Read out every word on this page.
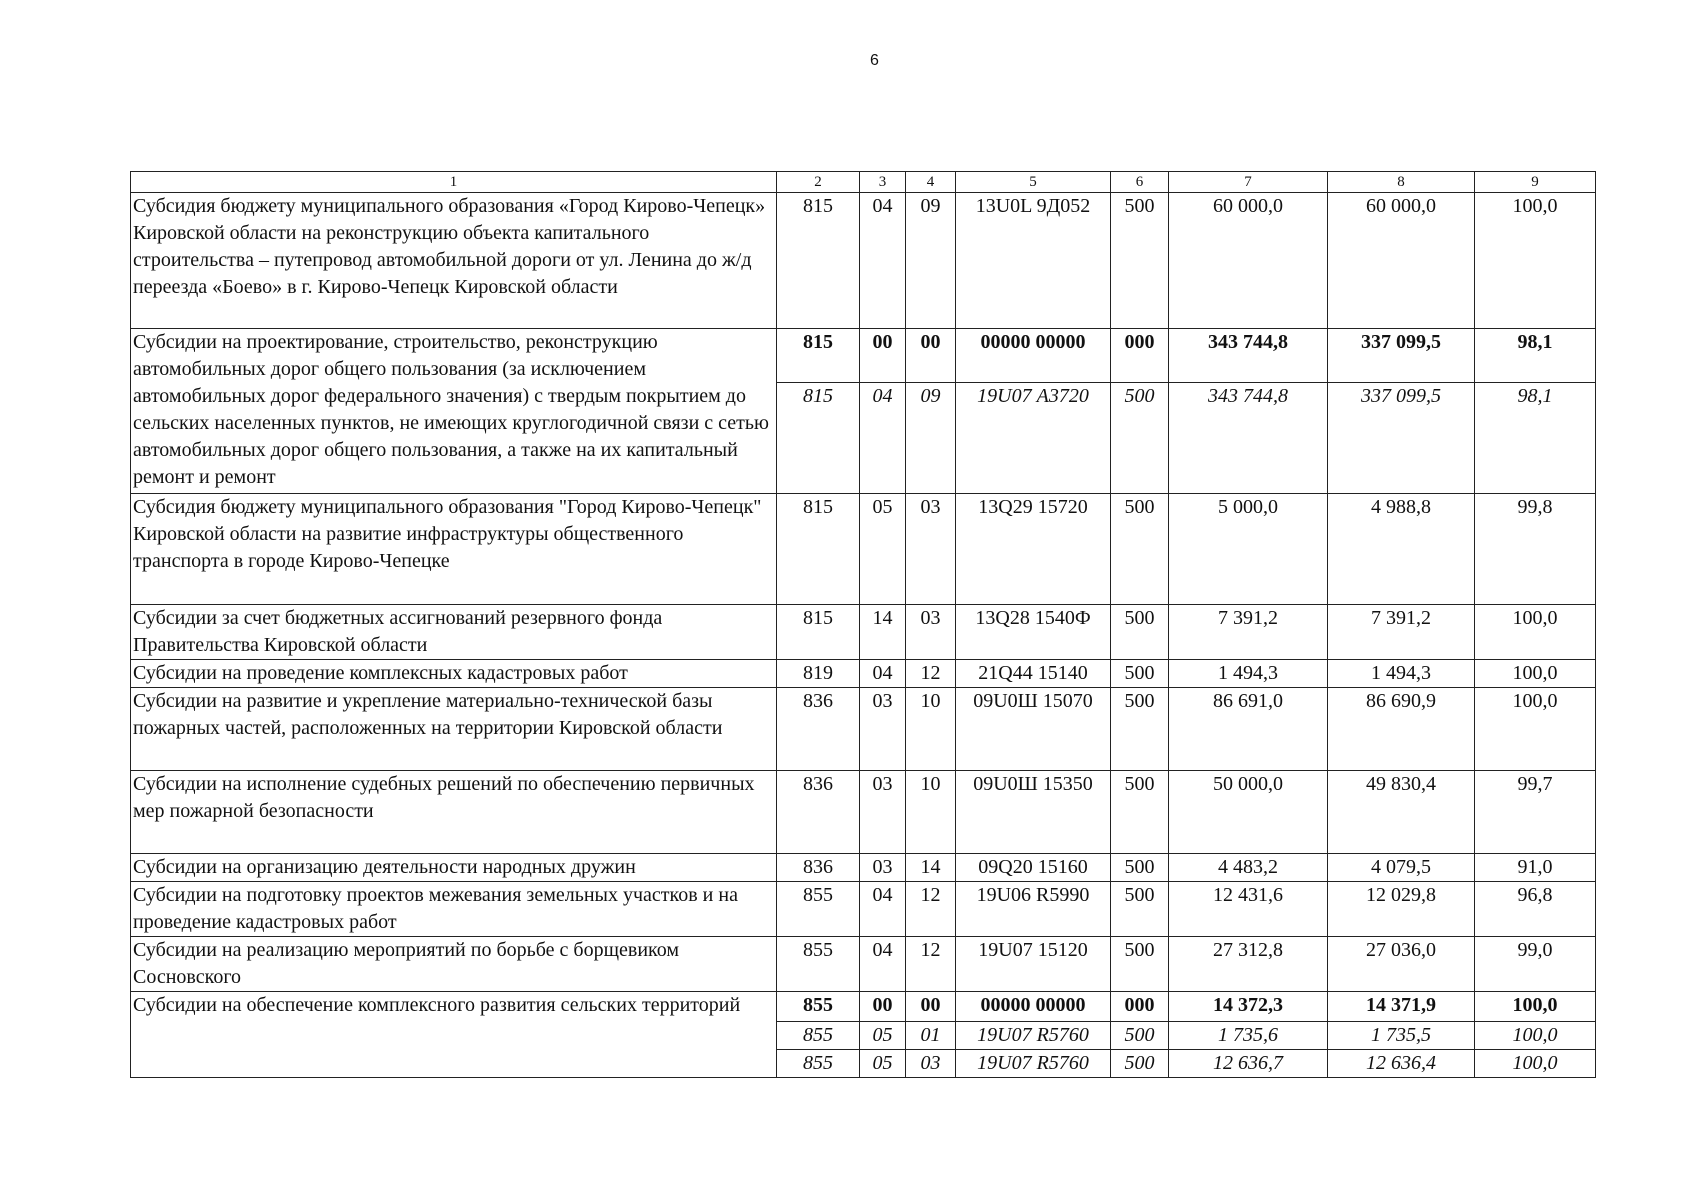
6
1	2	3	4	5	6	7	8	9
Субсидия бюджету муниципального образования «Город Кирово-Чепецк» Кировской области на реконструкцию объекта капитального строительства – путепровод автомобильной дороги от ул. Ленина до ж/д переезда «Боево» в г. Кирово-Чепецк Кировской области	815	04	09	13U0L 9Д052	500	60 000,0	60 000,0	100,0
Субсидии на проектирование, строительство, реконструкцию автомобильных дорог общего пользования (за исключением автомобильных дорог федерального значения) с твердым покрытием до сельских населенных пунктов, не имеющих круглогодичной связи с сетью автомобильных дорог общего пользования, а также на их капитальный ремонт и ремонт	815	00	00	00000 00000	000	343 744,8	337 099,5	98,1
	815	04	09	19U07 А3720	500	343 744,8	337 099,5	98,1
Субсидия бюджету муниципального образования "Город Кирово-Чепецк" Кировской области на развитие инфраструктуры общественного транспорта в городе Кирово-Чепецке	815	05	03	13Q29 15720	500	5 000,0	4 988,8	99,8
Субсидии за счет бюджетных ассигнований резервного фонда Правительства Кировской области	815	14	03	13Q28 1540Ф	500	7 391,2	7 391,2	100,0
Субсидии на проведение комплексных кадастровых работ	819	04	12	21Q44 15140	500	1 494,3	1 494,3	100,0
Субсидии на развитие и укрепление материально-технической базы пожарных частей, расположенных на территории Кировской области	836	03	10	09U0Ш 15070	500	86 691,0	86 690,9	100,0
Субсидии на исполнение судебных решений по обеспечению первичных мер пожарной безопасности	836	03	10	09U0Ш 15350	500	50 000,0	49 830,4	99,7
Субсидии на организацию деятельности народных дружин	836	03	14	09Q20 15160	500	4 483,2	4 079,5	91,0
Субсидии на подготовку проектов межевания земельных участков и на проведение кадастровых работ	855	04	12	19U06 R5990	500	12 431,6	12 029,8	96,8
Субсидии на реализацию мероприятий по борьбе с борщевиком Сосновского	855	04	12	19U07 15120	500	27 312,8	27 036,0	99,0
Субсидии на обеспечение комплексного развития сельских территорий	855	00	00	00000 00000	000	14 372,3	14 371,9	100,0
	855	05	01	19U07 R5760	500	1 735,6	1 735,5	100,0
	855	05	03	19U07 R5760	500	12 636,7	12 636,4	100,0
